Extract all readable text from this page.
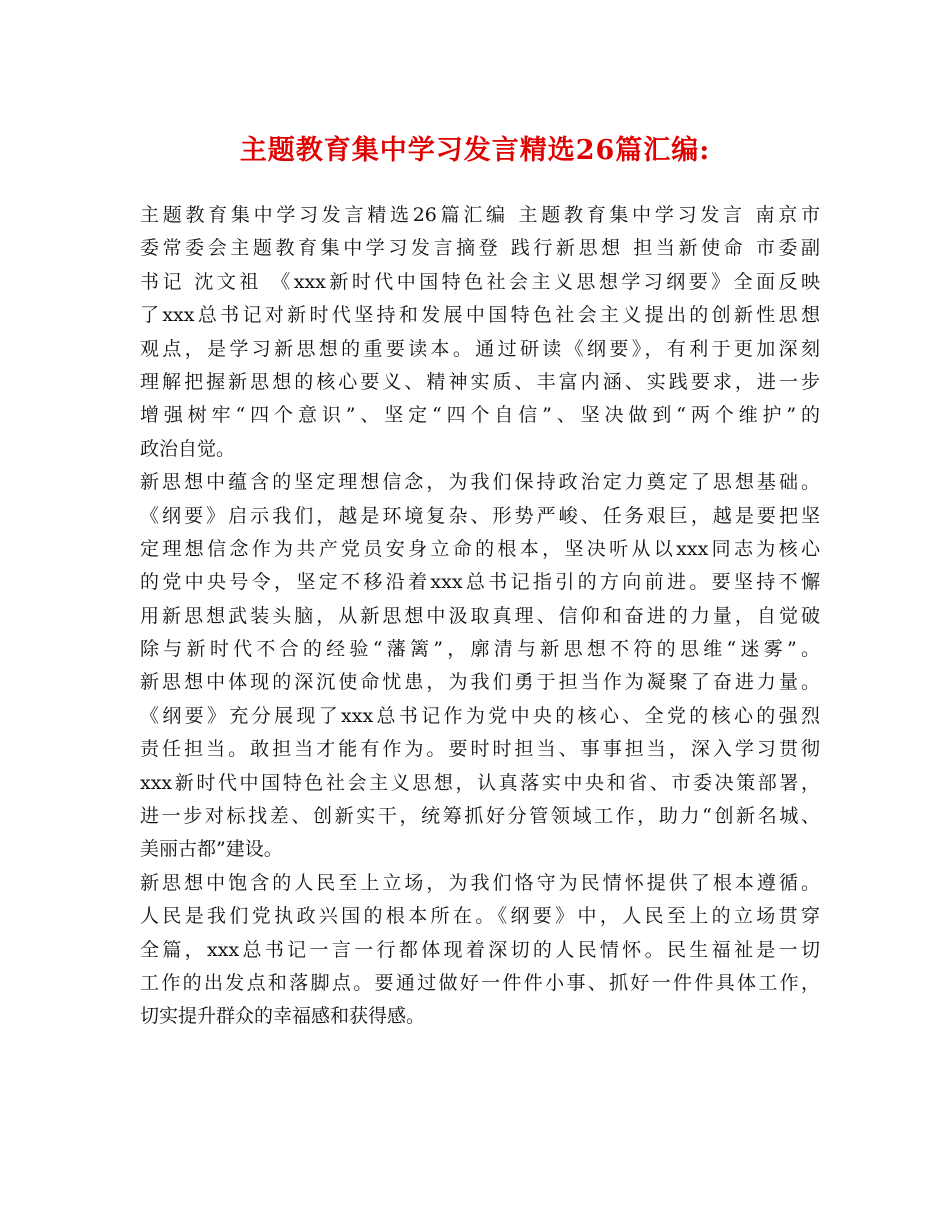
主题教育集中学习发言精选26篇汇编:
主题教育集中学习发言精选26篇汇编 主题教育集中学习发言 南京市
委常委会主题教育集中学习发言摘登 践行新思想 担当新使命 市委副
书记 沈文祖 《xxx新时代中国特色社会主义思想学习纲要》全面反映
了xxx总书记对新时代坚持和发展中国特色社会主义提出的创新性思想
观点，是学习新思想的重要读本。通过研读《纲要》，有利于更加深刻
理解把握新思想的核心要义、精神实质、丰富内涵、实践要求，进一步
增强树牢“四个意识”、坚定“四个自信”、坚决做到“两个维护”的
政治自觉。
新思想中蕴含的坚定理想信念，为我们保持政治定力奠定了思想基础。
《纲要》启示我们，越是环境复杂、形势严峻、任务艰巨，越是要把坚
定理想信念作为共产党员安身立命的根本，坚决听从以xxx同志为核心
的党中央号令，坚定不移沿着xxx总书记指引的方向前进。要坚持不懈
用新思想武装头脑，从新思想中汲取真理、信仰和奋进的力量，自觉破
除与新时代不合的经验“藩篱”，廓清与新思想不符的思维“迷雾”。
新思想中体现的深沉使命忧患，为我们勇于担当作为凝聚了奋进力量。
《纲要》充分展现了xxx总书记作为党中央的核心、全党的核心的强烈
责任担当。敢担当才能有作为。要时时担当、事事担当，深入学习贯彻
xxx新时代中国特色社会主义思想，认真落实中央和省、市委决策部署，
进一步对标找差、创新实干，统筹抓好分管领域工作，助力“创新名城、
美丽古都”建设。
新思想中饱含的人民至上立场，为我们恪守为民情怀提供了根本遵循。
人民是我们党执政兴国的根本所在。《纲要》中，人民至上的立场贯穿
全篇，xxx总书记一言一行都体现着深切的人民情怀。民生福祉是一切
工作的出发点和落脚点。要通过做好一件件小事、抓好一件件具体工作，
切实提升群众的幸福感和获得感。
